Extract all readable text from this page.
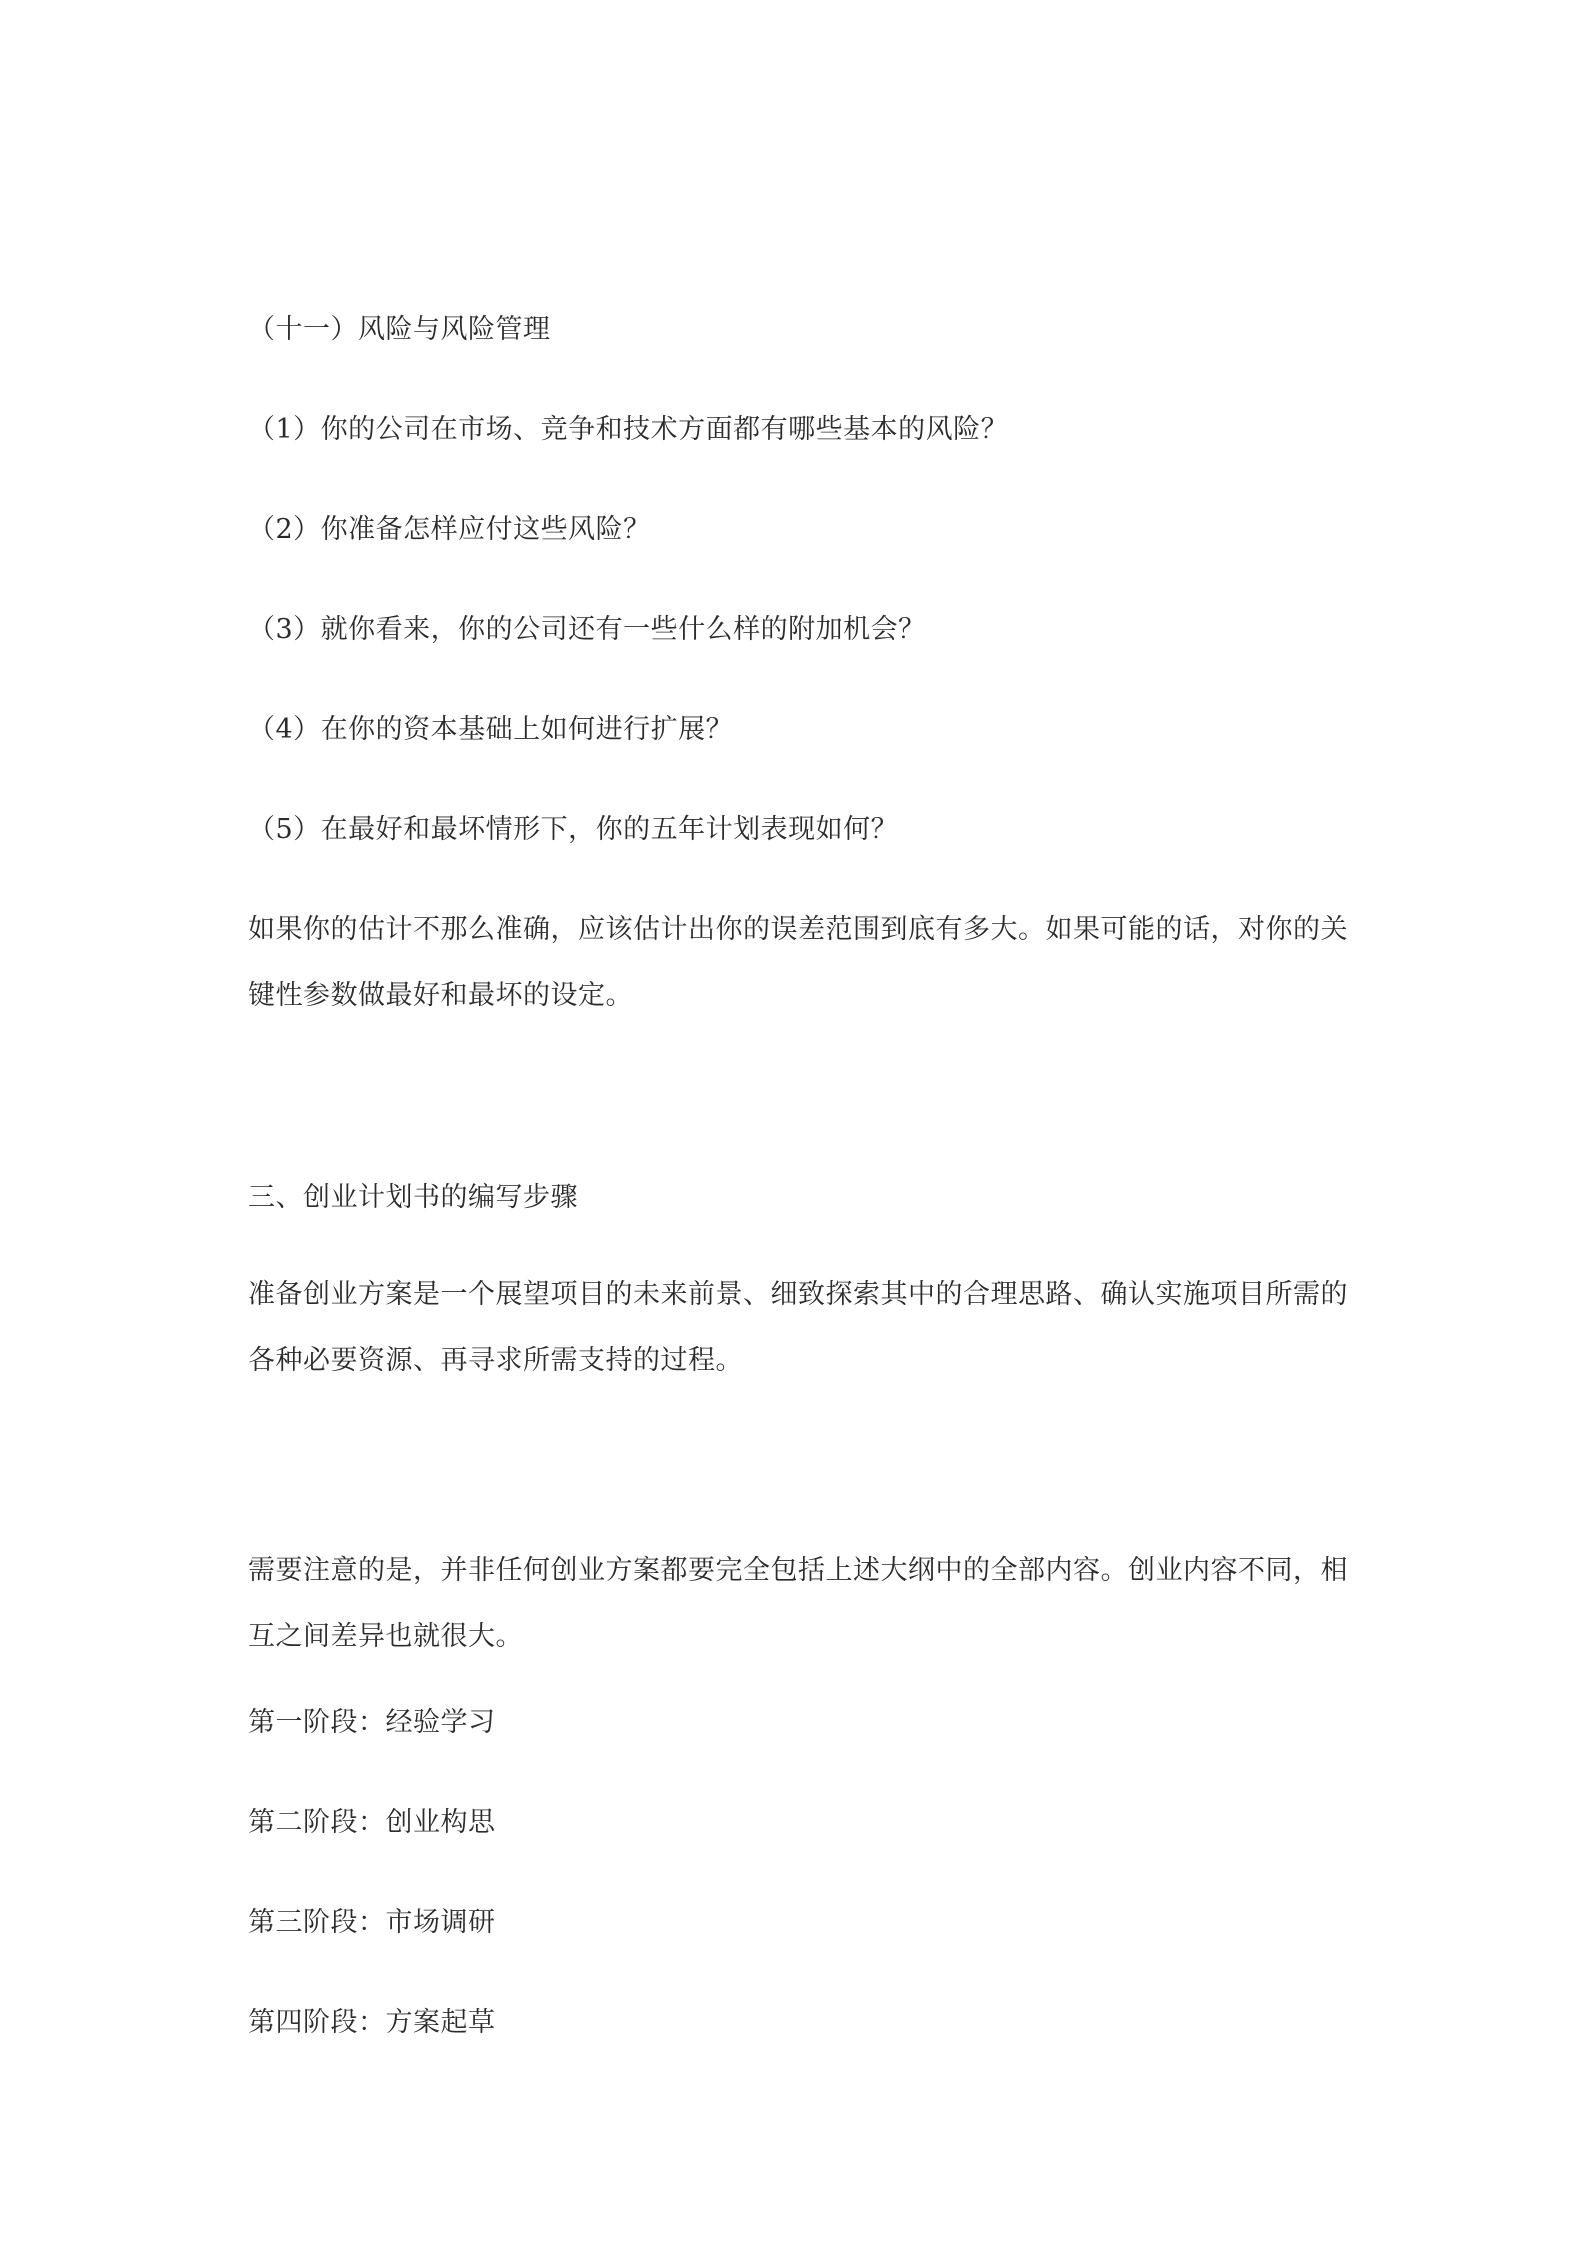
（十一）风险与风险管理
（1）你的公司在市场、竞争和技术方面都有哪些基本的风险？
（2）你准备怎样应付这些风险？
（3）就你看来，你的公司还有一些什么样的附加机会？
（4）在你的资本基础上如何进行扩展？
（5）在最好和最坏情形下，你的五年计划表现如何？
如果你的估计不那么准确，应该估计出你的误差范围到底有多大。如果可能的话，对你的关键性参数做最好和最坏的设定。
三、创业计划书的编写步骤
准备创业方案是一个展望项目的未来前景、细致探索其中的合理思路、确认实施项目所需的各种必要资源、再寻求所需支持的过程。
需要注意的是，并非任何创业方案都要完全包括上述大纲中的全部内容。创业内容不同，相互之间差异也就很大。
第一阶段：经验学习
第二阶段：创业构思
第三阶段：市场调研
第四阶段：方案起草
